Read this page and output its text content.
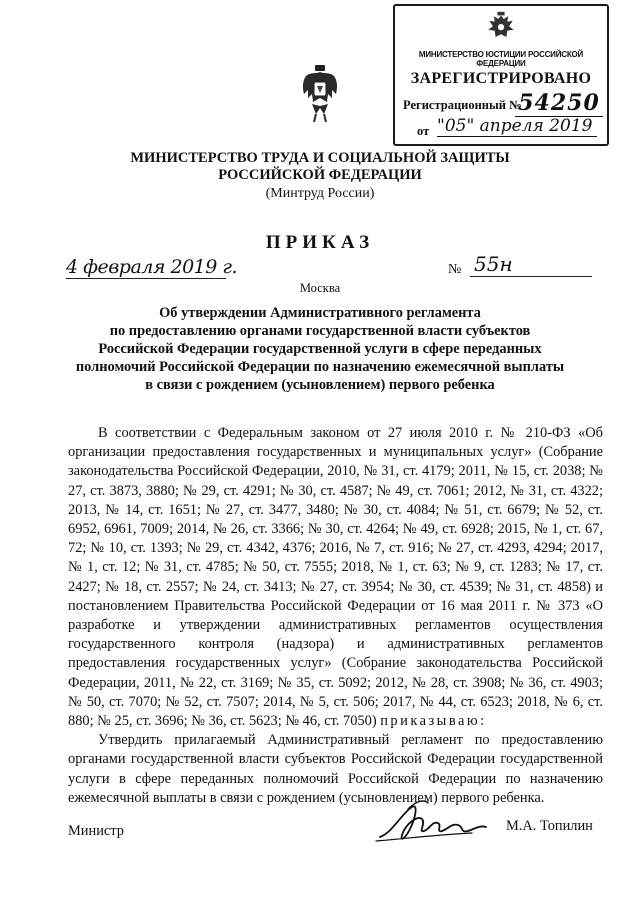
МИНИСТЕРСТВО ЮСТИЦИИ РОССИЙСКОЙ ФЕДЕРАЦИИ
ЗАРЕГИСТРИРОВАНО
Регистрационный №
54250
от "05" апреля 2019
МИНИСТЕРСТВО ТРУДА И СОЦИАЛЬНОЙ ЗАЩИТЫ
РОССИЙСКОЙ ФЕДЕРАЦИИ
(Минтруд России)
ПРИКАЗ
4 февраля 2019 г.	№ 55н
Москва
Об утверждении Административного регламента
по предоставлению органами государственной власти субъектов
Российской Федерации государственной услуги в сфере переданных
полномочий Российской Федерации по назначению ежемесячной выплаты
в связи с рождением (усыновлением) первого ребенка

В соответствии с Федеральным законом от 27 июля 2010 г. № 210-ФЗ «Об организации предоставления государственных и муниципальных услуг» (Собрание законодательства Российской Федерации, 2010, № 31, ст. 4179; 2011, № 15, ст. 2038; № 27, ст. 3873, 3880; № 29, ст. 4291; № 30, ст. 4587; № 49, ст. 7061; 2012, № 31, ст. 4322; 2013, № 14, ст. 1651; № 27, ст. 3477, 3480; № 30, ст. 4084; № 51, ст. 6679; № 52, ст. 6952, 6961, 7009; 2014, № 26, ст. 3366; № 30, ст. 4264; № 49, ст. 6928; 2015, № 1, ст. 67, 72; № 10, ст. 1393; № 29, ст. 4342, 4376; 2016, № 7, ст. 916; № 27, ст. 4293, 4294; 2017, № 1, ст. 12; № 31, ст. 4785; № 50, ст. 7555; 2018, № 1, ст. 63; № 9, ст. 1283; № 17, ст. 2427; № 18, ст. 2557; № 24, ст. 3413; № 27, ст. 3954; № 30, ст. 4539; № 31, ст. 4858) и постановлением Правительства Российской Федерации от 16 мая 2011 г. № 373 «О разработке и утверждении административных регламентов осуществления государственного контроля (надзора) и административных регламентов предоставления государственных услуг» (Собрание законодательства Российской Федерации, 2011, № 22, ст. 3169; № 35, ст. 5092; 2012, № 28, ст. 3908; № 36, ст. 4903; № 50, ст. 7070; № 52, ст. 7507; 2014, № 5, ст. 506; 2017, № 44, ст. 6523; 2018, № 6, ст. 880; № 25, ст. 3696; № 36, ст. 5623; № 46, ст. 7050) приказываю:

Утвердить прилагаемый Административный регламент по предоставлению органами государственной власти субъектов Российской Федерации государственной услуги в сфере переданных полномочий Российской Федерации по назначению ежемесячной выплаты в связи с рождением (усыновлением) первого ребенка.

Министр	М.А. Топилин
